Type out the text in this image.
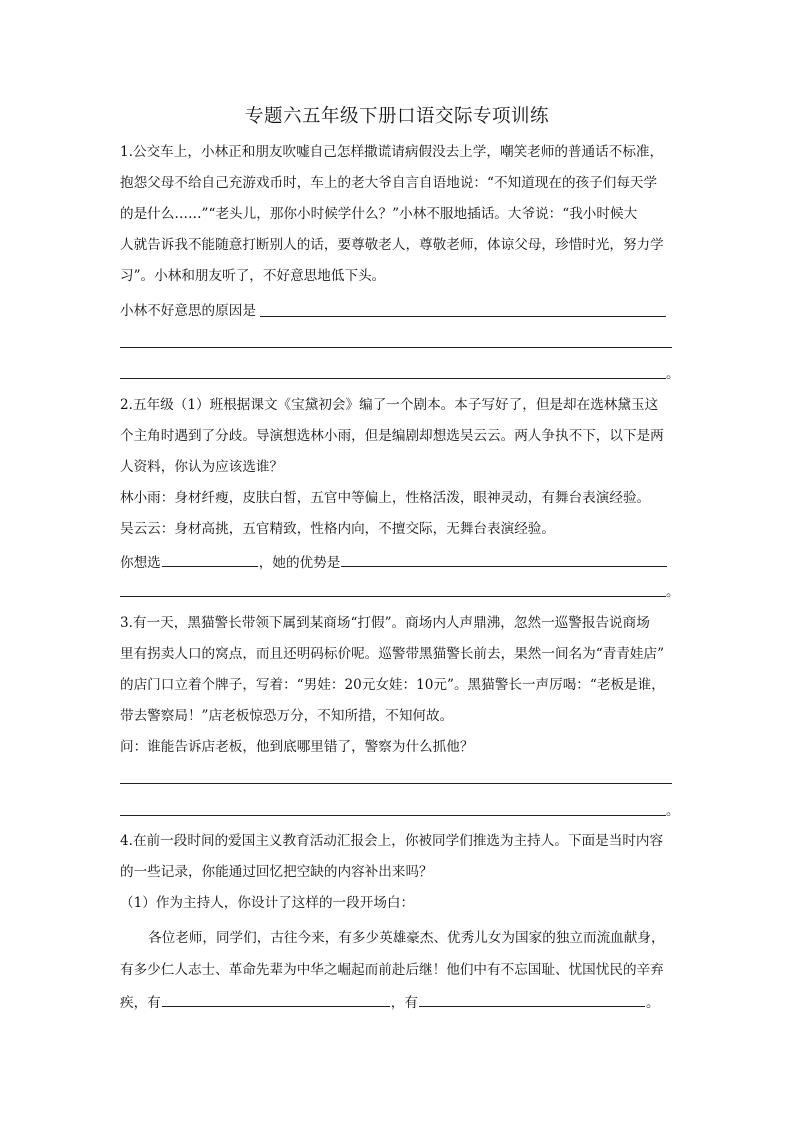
专题六五年级下册口语交际专项训练
1.公交车上，小林正和朋友吹嘘自己怎样撒谎请病假没去上学，嘲笑老师的普通话不标准，
抱怨父母不给自己充游戏币时，车上的老大爷自言自语地说：“不知道现在的孩子们每天学
的是什么……”“老头儿，那你小时候学什么？”小林不服地插话。大爷说：“我小时候大
人就告诉我不能随意打断别人的话，要尊敬老人，尊敬老师，体谅父母，珍惜时光，努力学
习”。小林和朋友听了，不好意思地低下头。
小林不好意思的原因是
。
2.五年级（1）班根据课文《宝黛初会》编了一个剧本。本子写好了，但是却在选林黛玉这
个主角时遇到了分歧。导演想选林小雨，但是编剧却想选吴云云。两人争执不下，以下是两
人资料，你认为应该选谁？
林小雨：身材纤瘦，皮肤白皙，五官中等偏上，性格活泼，眼神灵动，有舞台表演经验。
吴云云：身材高挑，五官精致，性格内向，不擅交际，无舞台表演经验。
你想选	，她的优势是
。
3.有一天，黑猫警长带领下属到某商场“打假”。商场内人声鼎沸，忽然一巡警报告说商场
里有拐卖人口的窝点，而且还明码标价呢。巡警带黑猫警长前去，果然一间名为“青青娃店”
的店门口立着个牌子，写着：“男娃：20元女娃：10元”。黑猫警长一声厉喝：“老板是谁，
带去警察局！”店老板惊恐万分，不知所措，不知何故。
问：谁能告诉店老板，他到底哪里错了，警察为什么抓他？
。
4.在前一段时间的爱国主义教育活动汇报会上，你被同学们推选为主持人。下面是当时内容
的一些记录，你能通过回忆把空缺的内容补出来吗？
（1）作为主持人，你设计了这样的一段开场白：
各位老师，同学们，古往今来，有多少英雄豪杰、优秀儿女为国家的独立而流血献身，
有多少仁人志士、革命先辈为中华之崛起而前赴后继！他们中有不忘国耻、忧国忧民的辛弃
疾，有	，有	。
